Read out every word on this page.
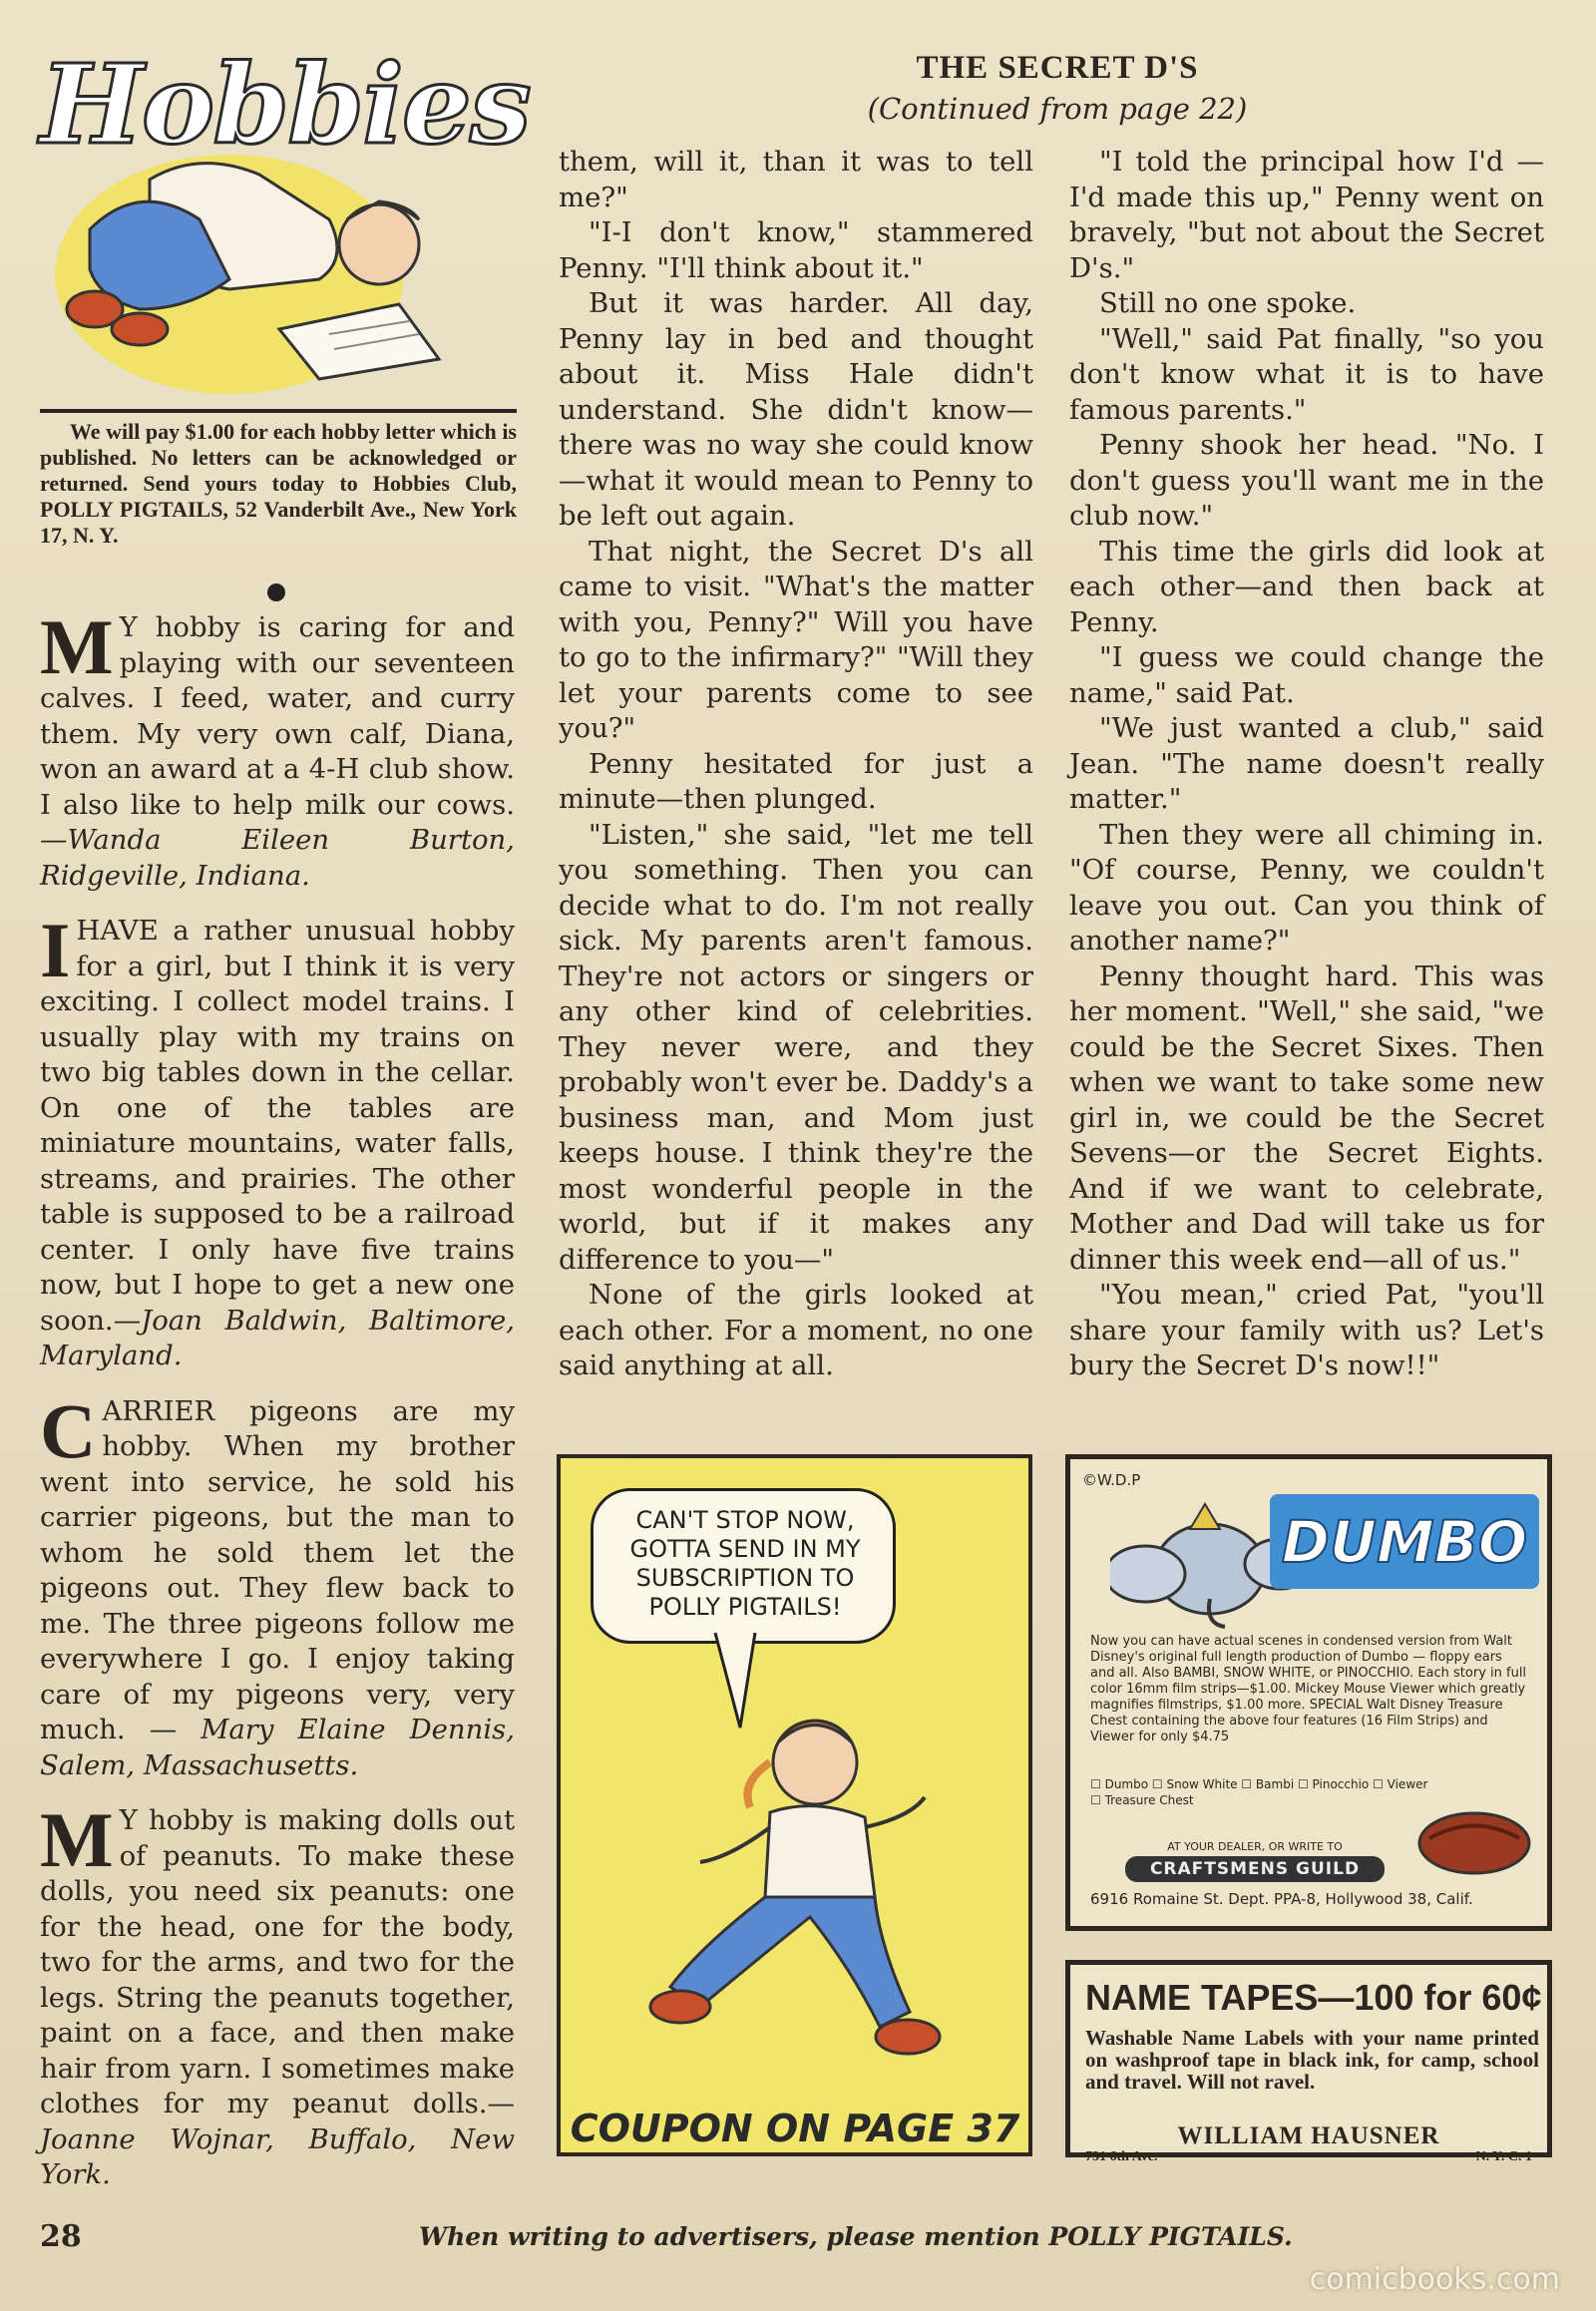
Hobbies

We will pay $1.00 for each hobby letter which is published. No letters can be acknowledged or returned. Send yours today to Hobbies Club, POLLY PIGTAILS, 52 Vanderbilt Ave., New York 17, N. Y.

M Y hobby is caring for and playing with our seventeen calves. I feed, water, and curry them. My very own calf, Diana, won an award at a 4-H club show. I also like to help milk our cows.—Wanda Eileen Burton, Ridgeville, Indiana.
I HAVE a rather unusual hobby for a girl, but I think it is very exciting. I collect model trains. I usually play with my trains on two big tables down in the cellar. On one of the tables are miniature mountains, water falls, streams, and prairies. The other table is supposed to be a railroad center. I only have five trains now, but I hope to get a new one soon.—Joan Baldwin, Baltimore, Maryland.
CARRIER pigeons are my hobby. When my brother went into service, he sold his carrier pigeons, but the man to whom he sold them let the pigeons out. They flew back to me. The three pigeons follow me everywhere I go. I enjoy taking care of my pigeons very, very much. — Mary Elaine Dennis, Salem, Massachusetts.
M Y hobby is making dolls out of peanuts. To make these dolls, you need six peanuts: one for the head, one for the body, two for the arms, and two for the legs. String the peanuts together, paint on a face, and then make hair from yarn. I sometimes make clothes for my peanut dolls.—Joanne Wojnar, Buffalo, New York.
THE SECRET D'S
(Continued from page 22)

them, will it, than it was to tell me?"

"I-I don't know," stammered Penny. "I'll think about it."

But it was harder. All day, Penny lay in bed and thought about it. Miss Hale didn't understand. She didn't know—there was no way she could know—what it would mean to Penny to be left out again.

That night, the Secret D's all came to visit. "What's the matter with you, Penny?" Will you have to go to the infirmary?" "Will they let your parents come to see you?"

Penny hesitated for just a minute—then plunged.

"Listen," she said, "let me tell you something. Then you can decide what to do. I'm not really sick. My parents aren't famous. They're not actors or singers or any other kind of celebrities. They never were, and they probably won't ever be. Daddy's a business man, and Mom just keeps house. I think they're the most wonderful people in the world, but if it makes any difference to you—"

None of the girls looked at each other. For a moment, no one said anything at all.

"I told the principal how I'd —I'd made this up," Penny went on bravely, "but not about the Secret D's."

Still no one spoke.

"Well," said Pat finally, "so you don't know what it is to have famous parents."

Penny shook her head. "No. I don't guess you'll want me in the club now."

This time the girls did look at each other—and then back at Penny.

"I guess we could change the name," said Pat.

"We just wanted a club," said Jean. "The name doesn't really matter."

Then they were all chiming in. "Of course, Penny, we couldn't leave you out. Can you think of another name?"

Penny thought hard. This was her moment. "Well," she said, "we could be the Secret Sixes. Then when we want to take some new girl in, we could be the Secret Sevens—or the Secret Eights. And if we want to celebrate, Mother and Dad will take us for dinner this week end—all of us."

"You mean," cried Pat, "you'll share your family with us? Let's bury the Secret D's now!!"

CAN'T STOP NOW, GOTTA SEND IN MY SUBSCRIPTION TO POLLY PIGTAILS!
COUPON ON PAGE 37
©W.D.P
DUMBO
Now you can have actual scenes in condensed version from Walt Disney's original full length production of Dumbo — floppy ears and all. Also BAMBI, SNOW WHITE, or PINOCCHIO. Each story in full color 16mm film strips—$1.00. Mickey Mouse Viewer which greatly magnifies filmstrips, $1.00 more. SPECIAL Walt Disney Treasure Chest containing the above four features (16 Film Strips) and Viewer for only $4.75
☐ Dumbo ☐ Snow White ☐ Bambi ☐ Pinocchio ☐ Viewer ☐ Treasure Chest
AT YOUR DEALER, OR WRITE TO
CRAFTSMENS GUILD
6916 Romaine St. Dept. PPA-8, Hollywood 38, Calif.
NAME TAPES—100 for 60¢
Washable Name Labels with your name printed on washproof tape in black ink, for camp, school and travel. Will not ravel.
WILLIAM HAUSNER
731 6th Ave.	N. Y. C. 1
28	When writing to advertisers, please mention POLLY PIGTAILS.
comicbooks.com
